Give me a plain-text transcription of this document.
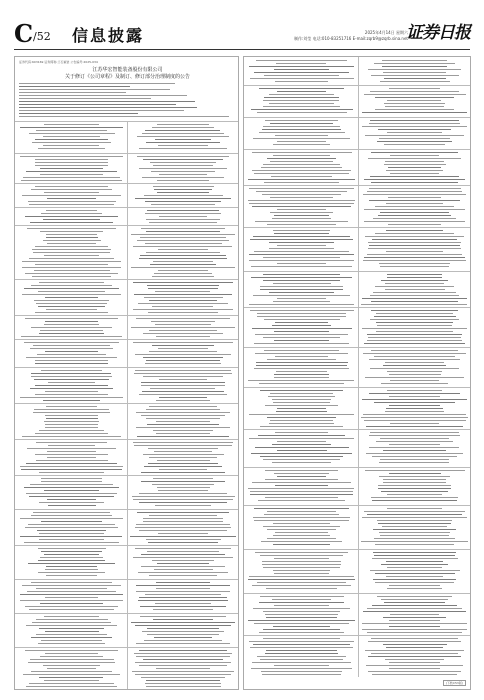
C /52 信息披露	2025年4月14日 星期六
制作:刘莹 电话:010-83251716 E-mail:zqrb9@zqrb.sina.net
证券日报
证券代码:603169 证券简称:兰石重装 公告编号:2025-034
江苏华宏智能装备股份有限公司
关于修订《公司章程》及制订、修订部分治理制度的公告
(下转C53版)
